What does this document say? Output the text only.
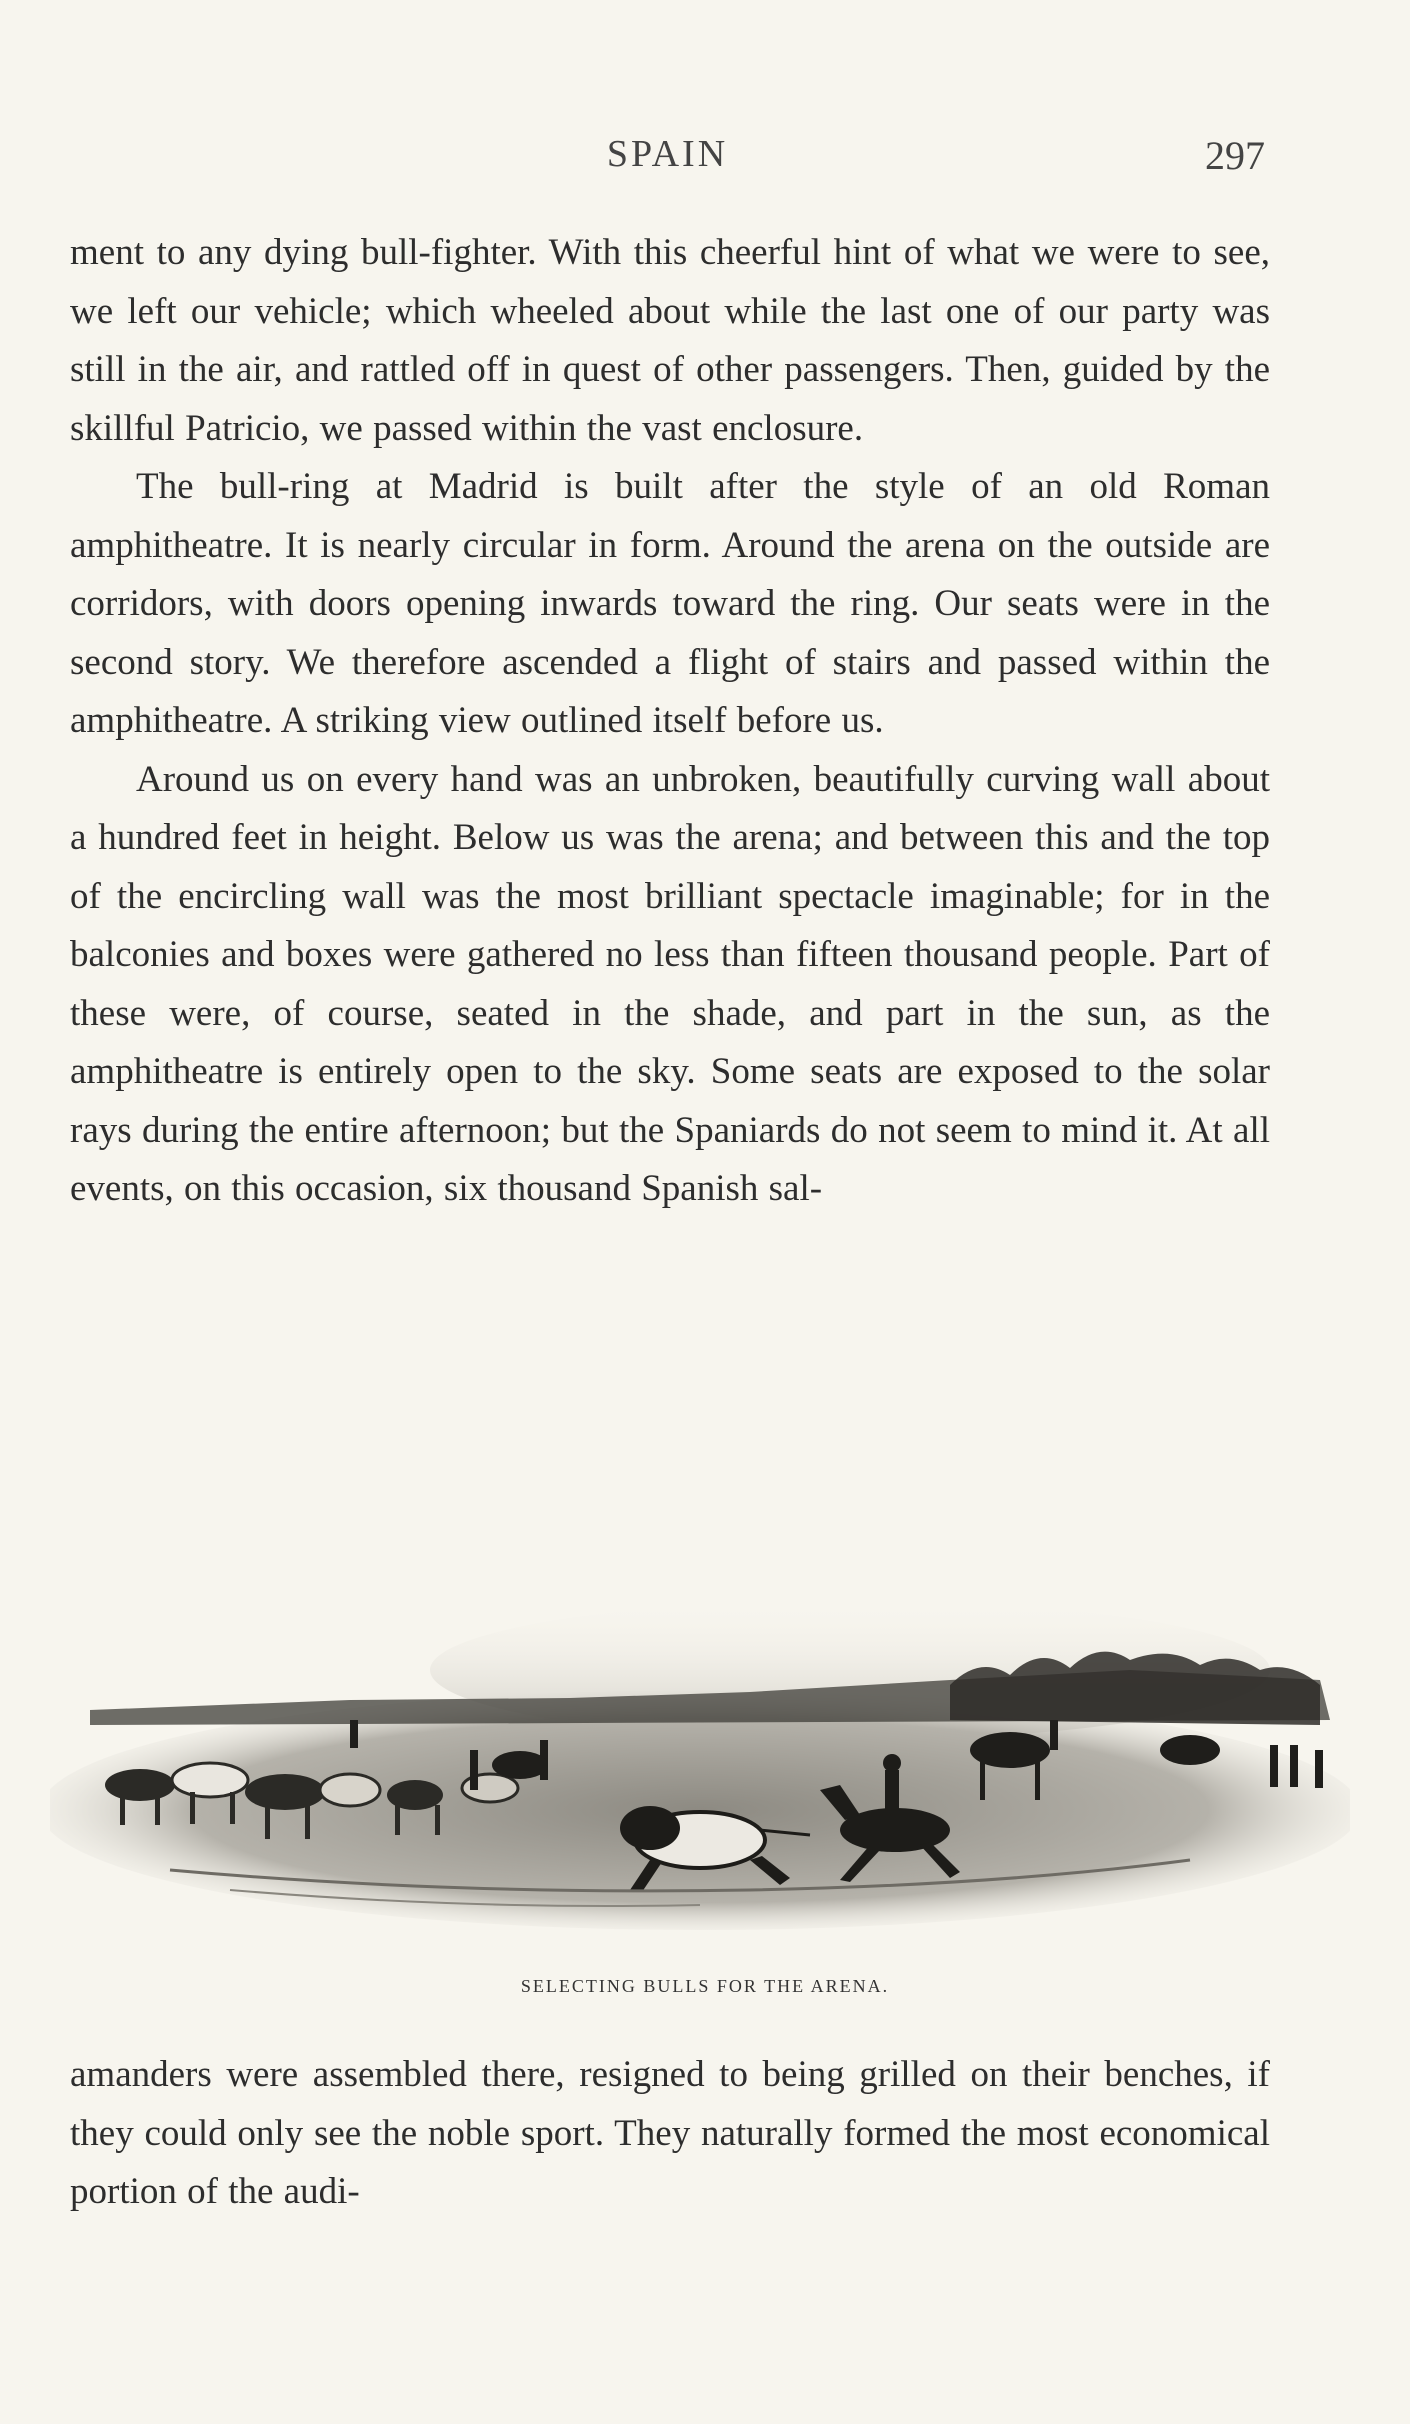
SPAIN	297

ment to any dying bull-fighter. With this cheerful hint of what we were to see, we left our vehicle; which wheeled about while the last one of our party was still in the air, and rattled off in quest of other passengers. Then, guided by the skillful Patricio, we passed within the vast enclosure.

The bull-ring at Madrid is built after the style of an old Roman amphitheatre. It is nearly circular in form. Around the arena on the outside are corridors, with doors opening inwards toward the ring. Our seats were in the second story. We therefore ascended a flight of stairs and passed within the amphitheatre. A striking view outlined itself before us.

Around us on every hand was an unbroken, beautifully curving wall about a hundred feet in height. Below us was the arena; and between this and the top of the encircling wall was the most brilliant spectacle imaginable; for in the balconies and boxes were gathered no less than fifteen thousand people. Part of these were, of course, seated in the shade, and part in the sun, as the amphitheatre is entirely open to the sky. Some seats are exposed to the solar rays during the entire afternoon; but the Spaniards do not seem to mind it. At all events, on this occasion, six thousand Spanish sal-

SELECTING BULLS FOR THE ARENA.

amanders were assembled there, resigned to being grilled on their benches, if they could only see the noble sport. They naturally formed the most economical portion of the audi-
